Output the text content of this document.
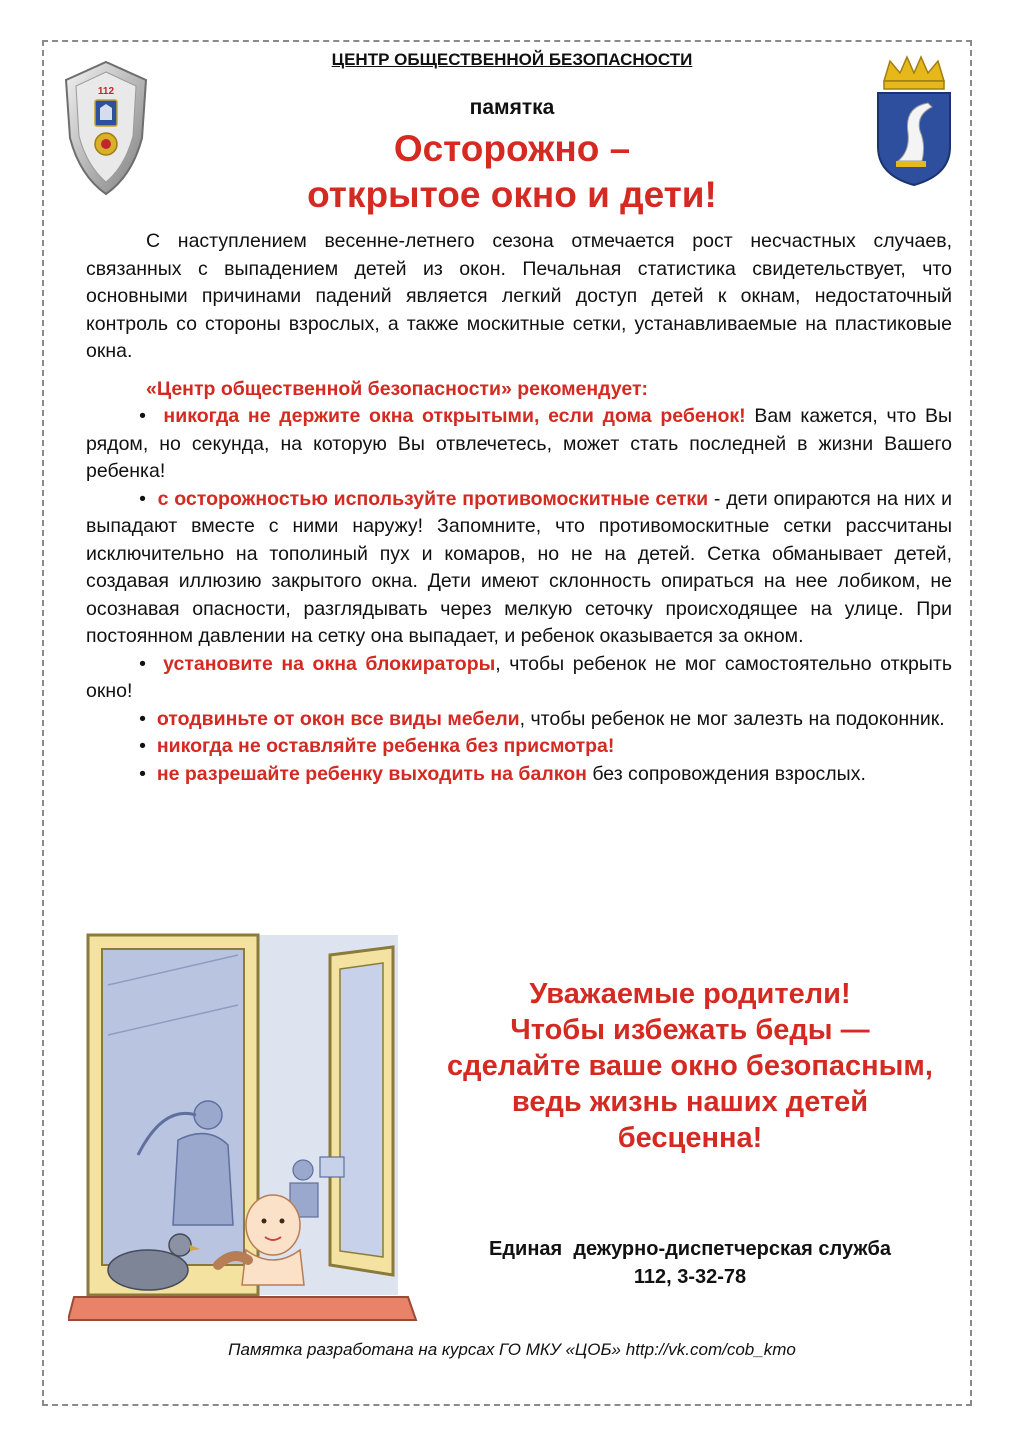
ЦЕНТР ОБЩЕСТВЕННОЙ БЕЗОПАСНОСТИ
112
памятка
Осторожно –
открытое окно и дети!

С наступлением весенне-летнего сезона отмечается рост несчастных случаев, связанных с выпадением детей из окон. Печальная статистика свидетельствует, что основными причинами падений является легкий доступ детей к окнам, недостаточный контроль со стороны взрослых, а также москитные сетки, устанавливаемые на пластиковые окна.

«Центр общественной безопасности» рекомендует:

• никогда не держите окна открытыми, если дома ребенок! Вам кажется, что Вы рядом, но секунда, на которую Вы отвлечетесь, может стать последней в жизни Вашего ребенка!

• с осторожностью используйте противомоскитные сетки - дети опираются на них и выпадают вместе с ними наружу! Запомните, что противомоскитные сетки рассчитаны исключительно на тополиный пух и комаров, но не на детей. Сетка обманывает детей, создавая иллюзию закрытого окна. Дети имеют склонность опираться на нее лобиком, не осознавая опасности, разглядывать через мелкую сеточку происходящее на улице. При постоянном давлении на сетку она выпадает, и ребенок оказывается за окном.

• установите на окна блокираторы, чтобы ребенок не мог самостоятельно открыть окно!

• отодвиньте от окон все виды мебели, чтобы ребенок не мог залезть на подоконник.

• никогда не оставляйте ребенка без присмотра!

• не разрешайте ребенку выходить на балкон без сопровождения взрослых.

Уважаемые родители!
Чтобы избежать беды —
сделайте ваше окно безопасным,
ведь жизнь наших детей
бесценна!
Единая  дежурно-диспетчерская служба
112, 3-32-78
Памятка разработана на курсах ГО МКУ «ЦОБ» http://vk.com/cob_kmo
